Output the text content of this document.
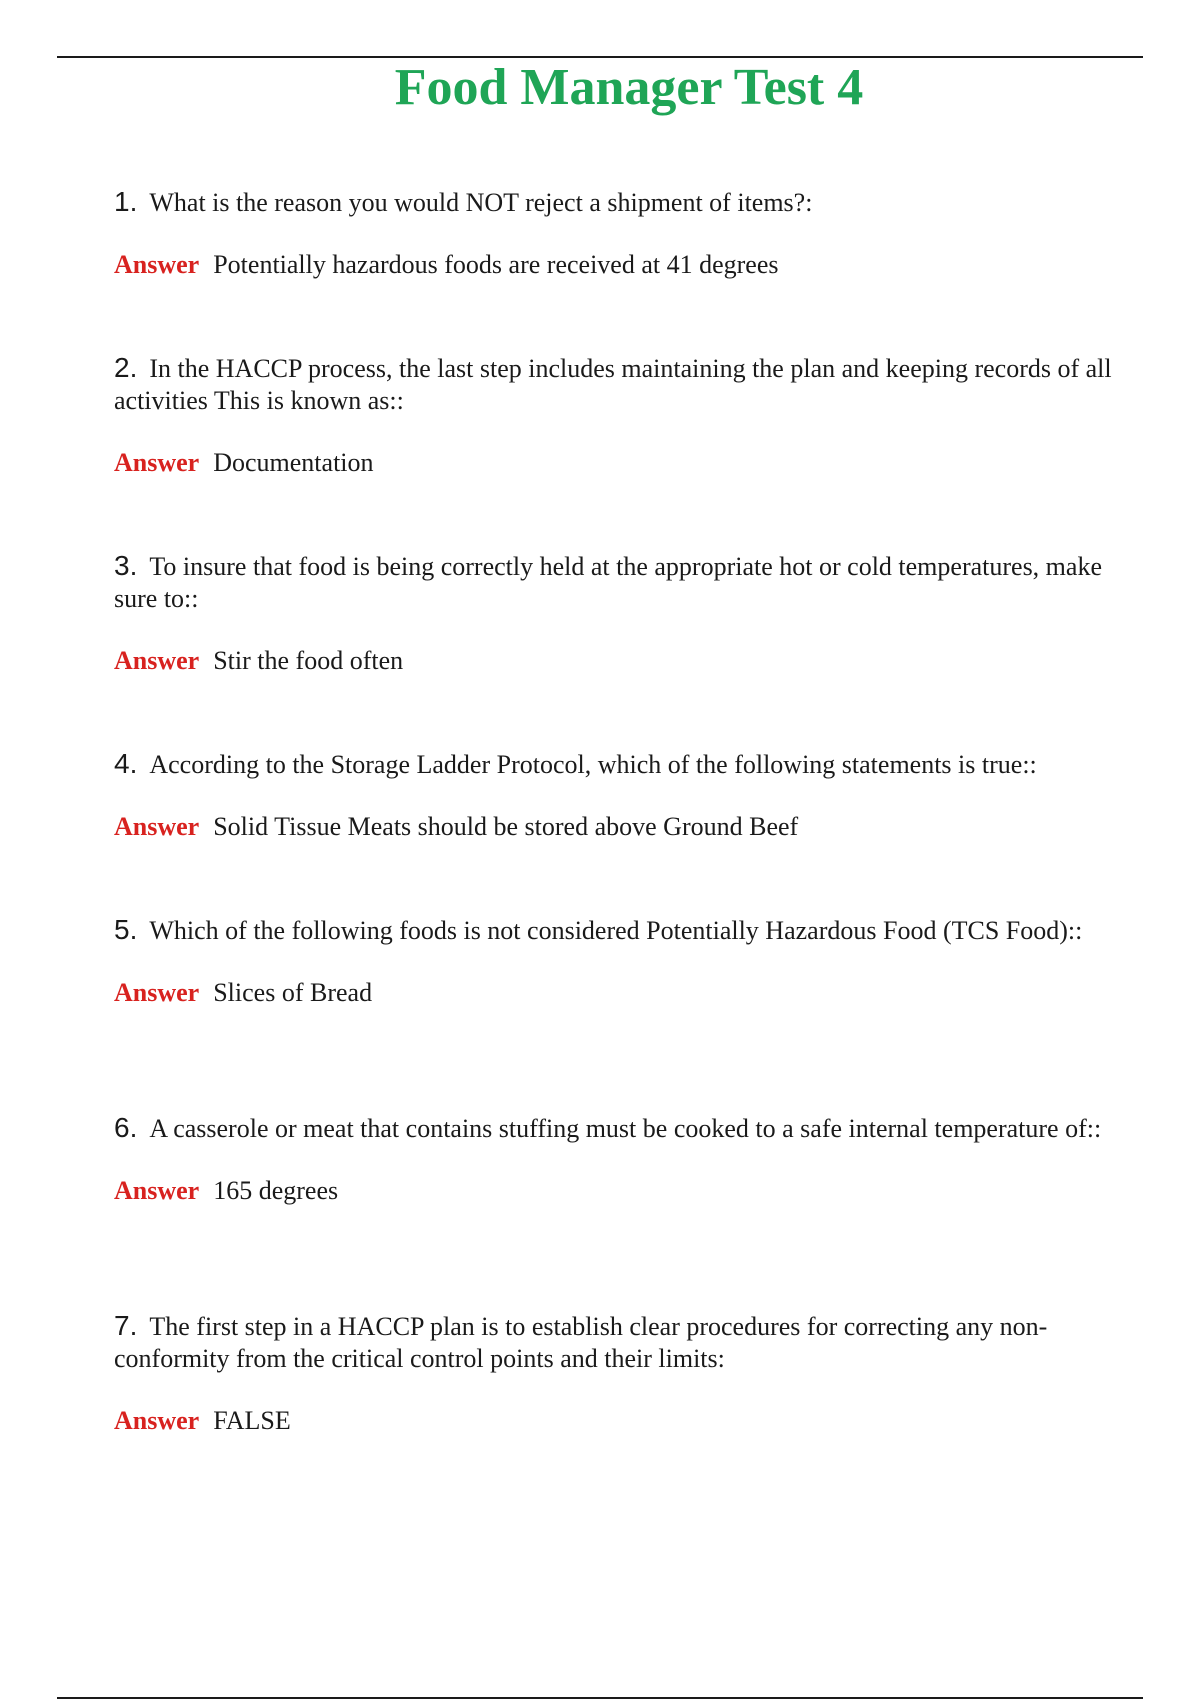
Food Manager Test 4

1. What is the reason you would NOT reject a shipment of items?:

Answer Potentially hazardous foods are received at 41 degrees

2. In the HACCP process, the last step includes maintaining the plan and keeping records of all activities This is known as::

Answer Documentation

3. To insure that food is being correctly held at the appropriate hot or cold temperatures, make sure to::

Answer Stir the food often

4. According to the Storage Ladder Protocol, which of the following statements is true::

Answer Solid Tissue Meats should be stored above Ground Beef

5. Which of the following foods is not considered Potentially Hazardous Food (TCS Food)::

Answer Slices of Bread

6. A casserole or meat that contains stuffing must be cooked to a safe internal temperature of::

Answer 165 degrees

7. The first step in a HACCP plan is to establish clear procedures for correcting any non-conformity from the critical control points and their limits:

Answer FALSE
